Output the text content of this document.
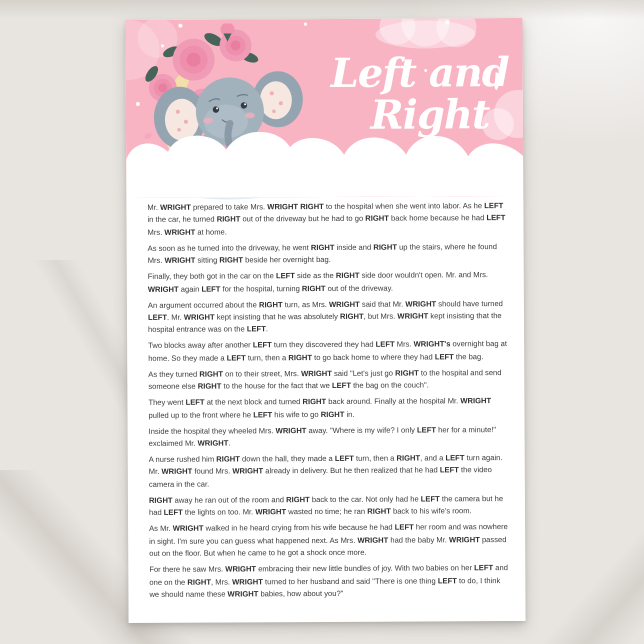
Left and
Right

Mr. WRIGHT prepared to take Mrs. WRIGHT RIGHT to the hospital when she went into labor. As he LEFT in the car, he turned RIGHT out of the driveway but he had to go RIGHT back home because he had LEFT Mrs. WRIGHT at home.

As soon as he turned into the driveway, he went RIGHT inside and RIGHT up the stairs, where he found Mrs. WRIGHT sitting RIGHT beside her overnight bag.

Finally, they both got in the car on the LEFT side as the RIGHT side door wouldn't open. Mr. and Mrs. WRIGHT again LEFT for the hospital, turning RIGHT out of the driveway.

An argument occurred about the RIGHT turn, as Mrs. WRIGHT said that Mr. WRIGHT should have turned LEFT. Mr. WRIGHT kept insisting that he was absolutely RIGHT, but Mrs. WRIGHT kept insisting that the hospital entrance was on the LEFT.

Two blocks away after another LEFT turn they discovered they had LEFT Mrs. WRIGHT's overnight bag at home. So they made a LEFT turn, then a RIGHT to go back home to where they had LEFT the bag.

As they turned RIGHT on to their street, Mrs. WRIGHT said "Let's just go RIGHT to the hospital and send someone else RIGHT to the house for the fact that we LEFT the bag on the couch".

They went LEFT at the next block and turned RIGHT back around. Finally at the hospital Mr. WRIGHT pulled up to the front where he LEFT his wife to go RIGHT in.

Inside the hospital they wheeled Mrs. WRIGHT away. "Where is my wife? I only LEFT her for a minute!" exclaimed Mr. WRIGHT.

A nurse rushed him RIGHT down the hall, they made a LEFT turn, then a RIGHT, and a LEFT turn again. Mr. WRIGHT found Mrs. WRIGHT already in delivery. But he then realized that he had LEFT the video camera in the car.

RIGHT away he ran out of the room and RIGHT back to the car. Not only had he LEFT the camera but he had LEFT the lights on too. Mr. WRIGHT wasted no time; he ran RIGHT back to his wife's room.

As Mr. WRIGHT walked in he heard crying from his wife because he had LEFT her room and was nowhere in sight. I'm sure you can guess what happened next. As Mrs. WRIGHT had the baby Mr. WRIGHT passed out on the floor. But when he came to he got a shock once more.

For there he saw Mrs. WRIGHT embracing their new little bundles of joy. With two babies on her LEFT and one on the RIGHT, Mrs. WRIGHT turned to her husband and said "There is one thing LEFT to do, I think we should name these WRIGHT babies, how about you?"
